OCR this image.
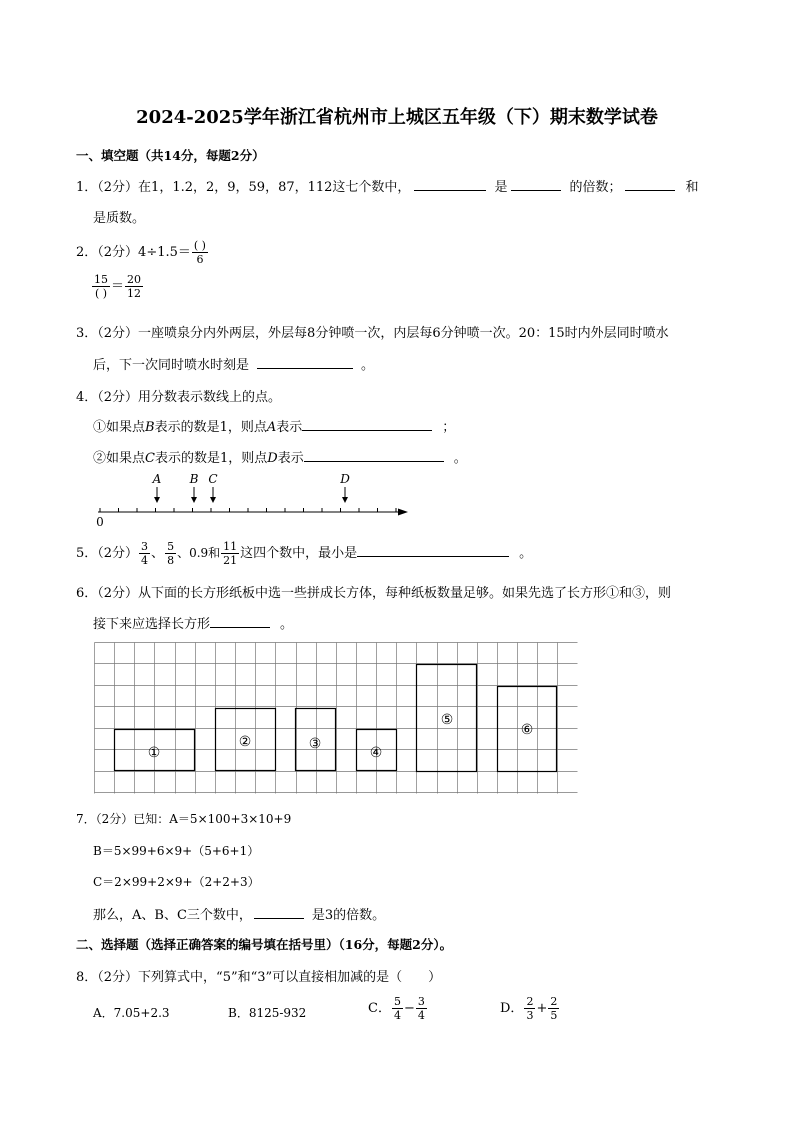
2024-2025学年浙江省杭州市上城区五年级（下）期末数学试卷
一、填空题（共14分，每题2分）
1．（2分）在1，1.2，2，9，59，87，112这七个数中，	是	的倍数；	和
是质数。
2．（2分）$4\div 1.5= \frac{( )}{6}$
$\frac{15}{( )} = \frac{20}{12}$
3．（2分）一座喷泉分内外两层，外层每8分钟喷一次，内层每6分钟喷一次。20：15时内外层同时喷水
后，下一次同时喷水时刻是	。
4．（2分）用分数表示数线上的点。
①如果点B表示的数是1，则点A表示	；
②如果点C表示的数是1，则点D表示	。
A B C	D
0
5．（2分） $\frac{3}{4}$ 、 $\frac{5}{8}$ 、0.9和 $\frac{11}{21}$ 这四个数中，最小是	。
6．（2分）从下面的长方形纸板中选一些拼成长方体，每种纸板数量足够。如果先选了长方形①和③，则
接下来应选择长方形	。
①
②	③
④
⑤
⑥
7．（2分）已知：A＝5×100+3×10+9
B＝5×99+6×9+（5+6+1）
C＝2×99+2×9+（2+2+3）
那么，A、B、C三个数中，	是3的倍数。
二、选择题（选择正确答案的编号填在括号里）（16分，每题2分）。
8．（2分）下列算式中，“5”和“3”可以直接相加减的是（　　）
A．7.05+2.3	B．8125-932	C． $\frac{5}{4} - \frac{3}{4}$	D． $\frac{2}{3} + \frac{2}{5}$
